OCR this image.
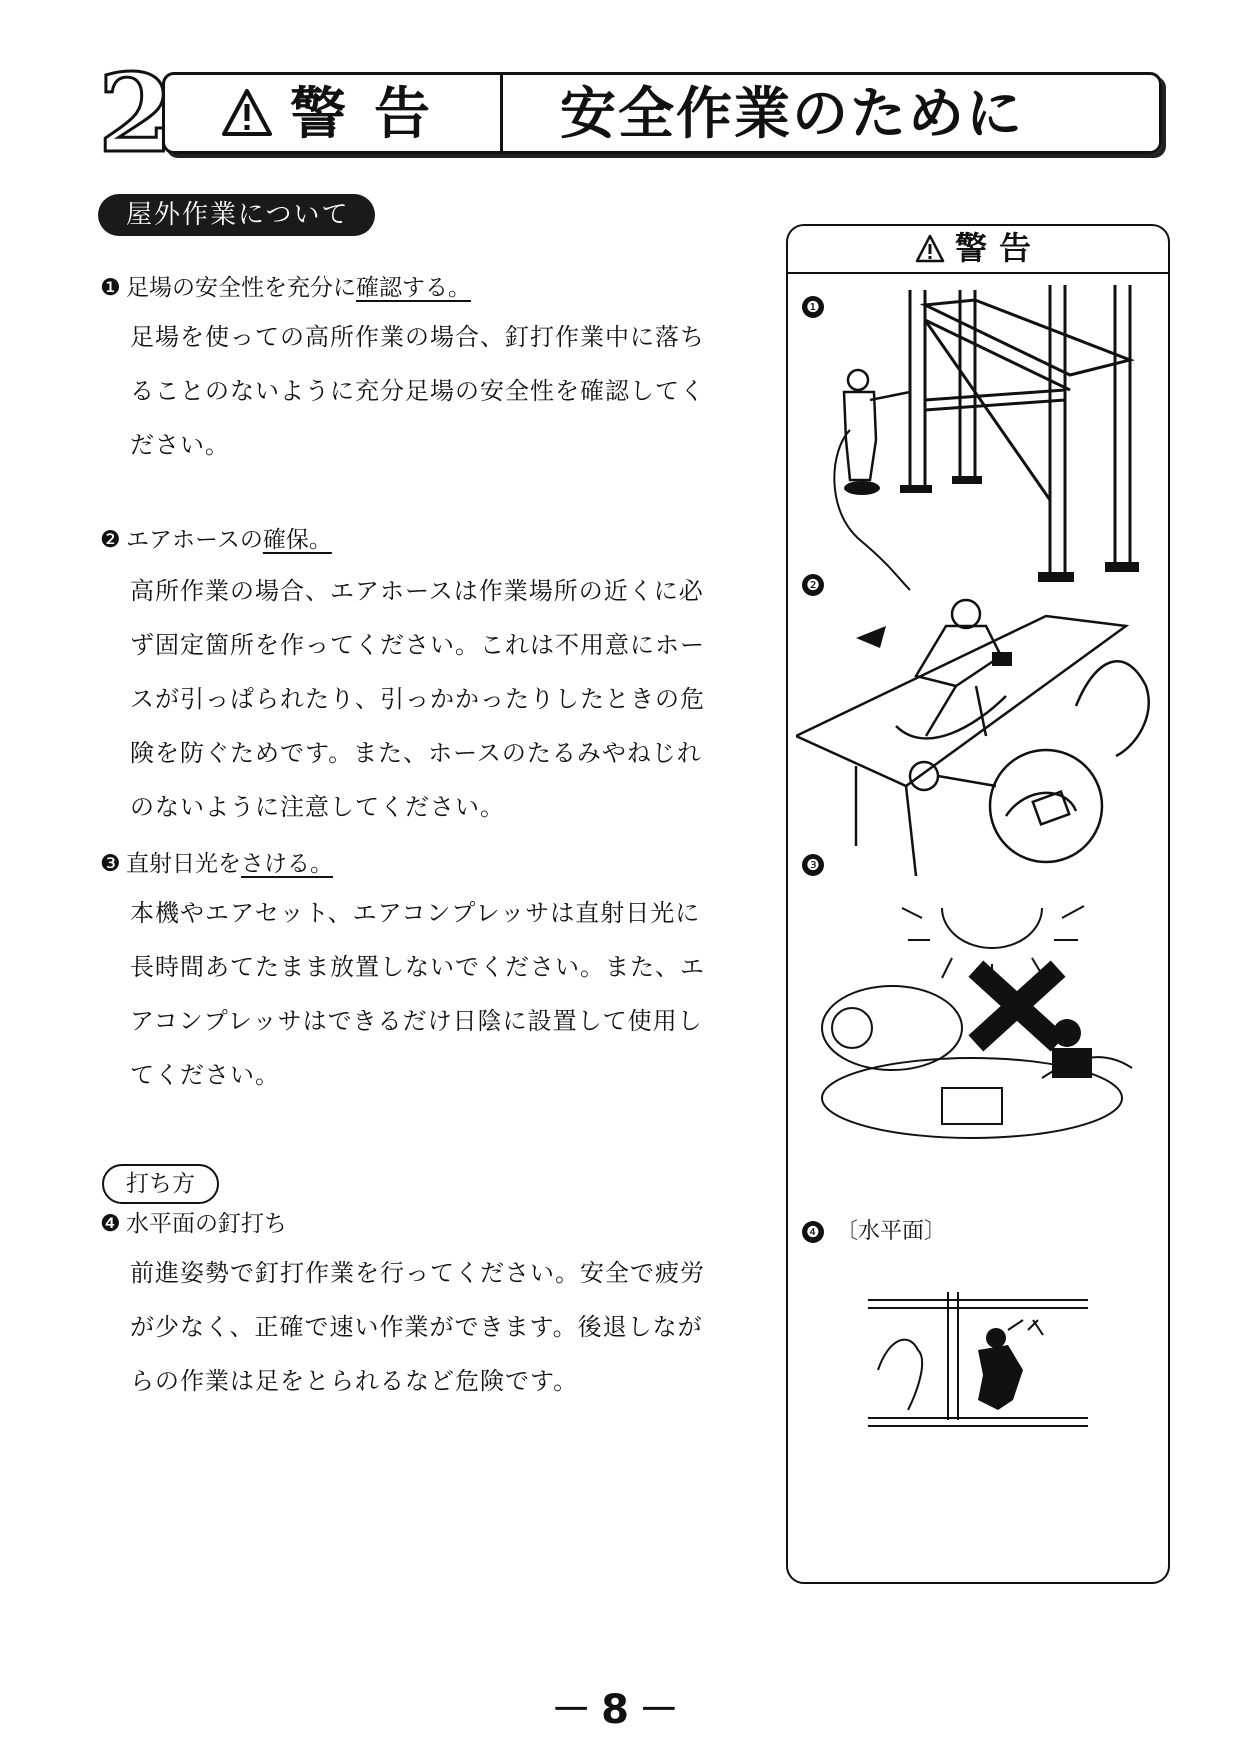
2 警告 安全作業のために
屋外作業について
❶ 足場の安全性を充分に確認する。
足場を使っての高所作業の場合、釘打作業中に落ち
ることのないように充分足場の安全性を確認してく
ださい。
❷ エアホースの確保。
高所作業の場合、エアホースは作業場所の近くに必
ず固定箇所を作ってください。これは不用意にホー
スが引っぱられたり、引っかかったりしたときの危
険を防ぐためです。また、ホースのたるみやねじれ
のないように注意してください。
❸ 直射日光をさける。
本機やエアセット、エアコンプレッサは直射日光に
長時間あてたまま放置しないでください。また、エ
アコンプレッサはできるだけ日陰に設置して使用し
てください。
打ち方
❹ 水平面の釘打ち
前進姿勢で釘打作業を行ってください。安全で疲労
が少なく、正確で速い作業ができます。後退しなが
らの作業は足をとられるなど危険です。
警告
❶
❷
❸
❹ 〔水平面〕
－8－
